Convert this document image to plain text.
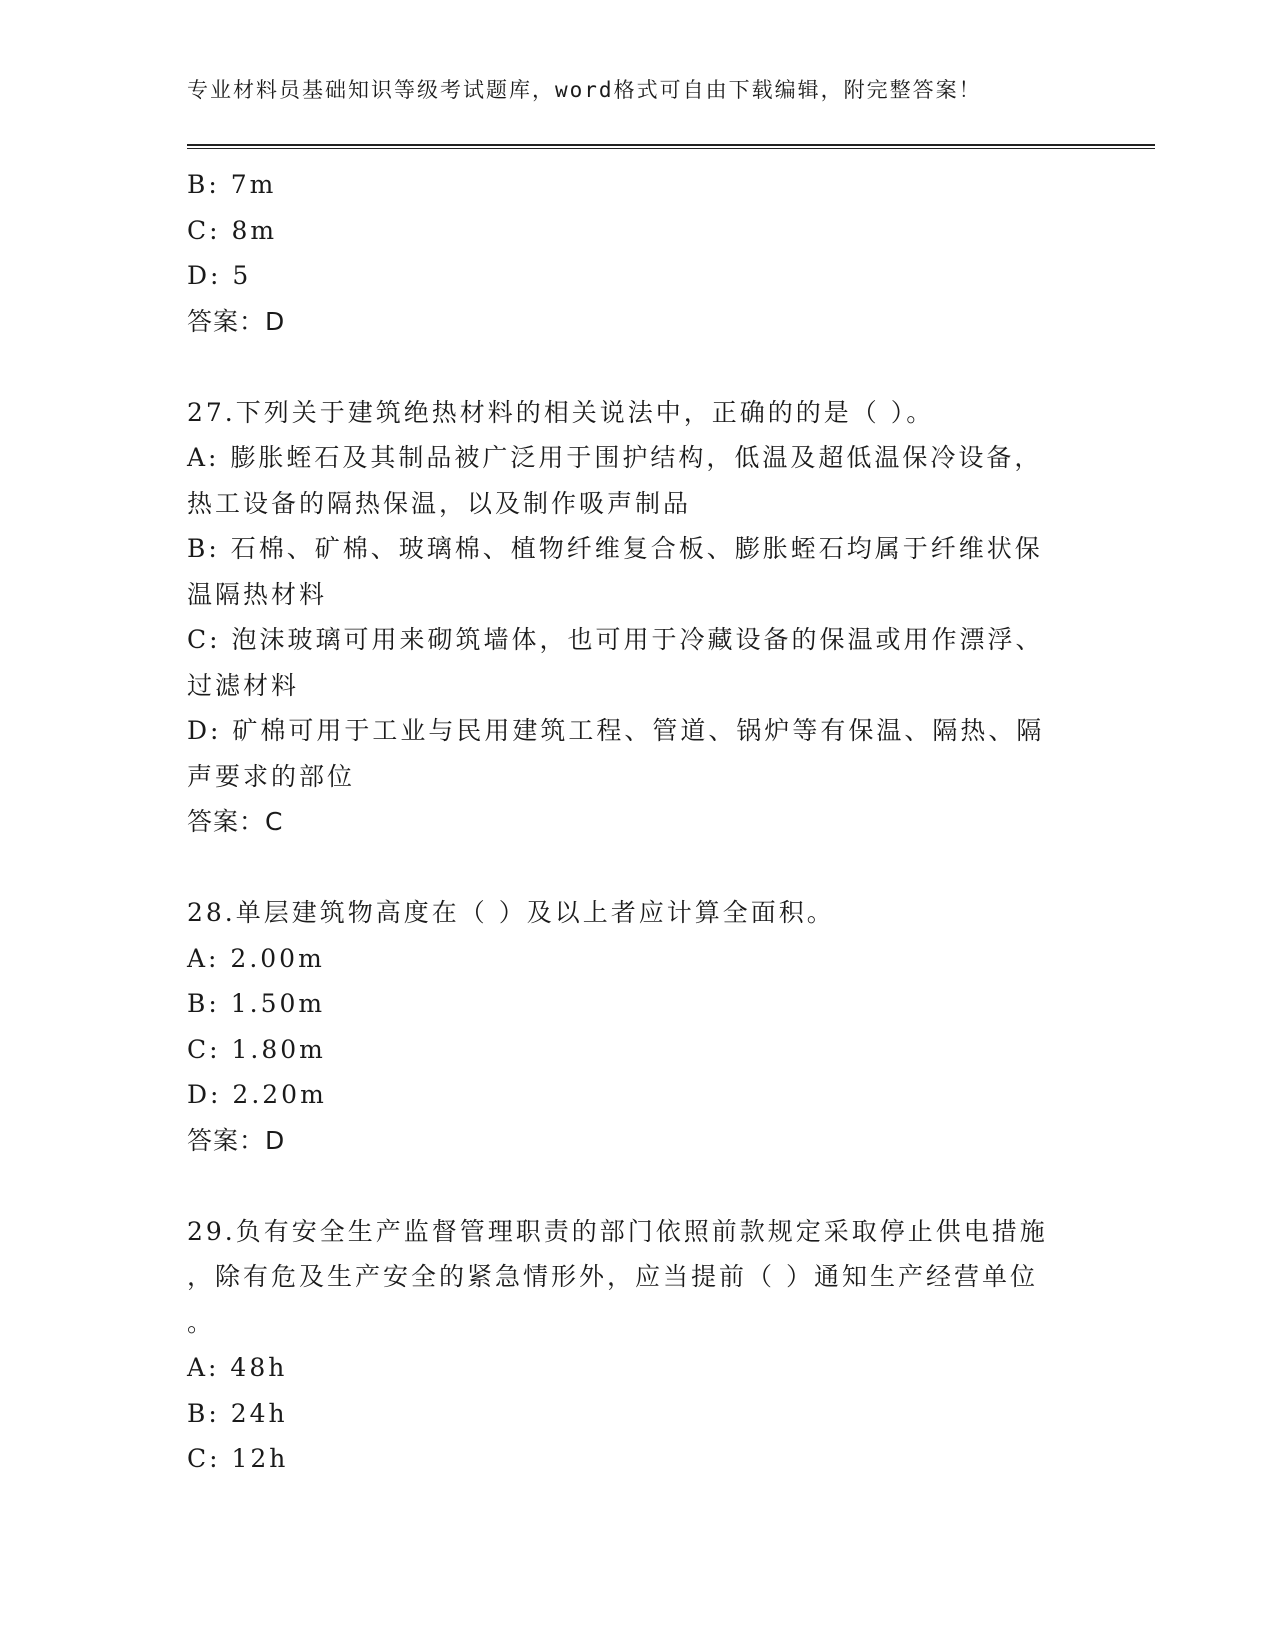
专业材料员基础知识等级考试题库，word格式可自由下载编辑，附完整答案！
B: 7m
C: 8m
D: 5
答案：D
27.下列关于建筑绝热材料的相关说法中，正确的的是（ ）。
A: 膨胀蛭石及其制品被广泛用于围护结构，低温及超低温保冷设备，
热工设备的隔热保温，以及制作吸声制品
B: 石棉、矿棉、玻璃棉、植物纤维复合板、膨胀蛭石均属于纤维状保
温隔热材料
C: 泡沫玻璃可用来砌筑墙体，也可用于冷藏设备的保温或用作漂浮、
过滤材料
D: 矿棉可用于工业与民用建筑工程、管道、锅炉等有保温、隔热、隔
声要求的部位
答案：C
28.单层建筑物高度在（ ）及以上者应计算全面积。
A: 2.00m
B: 1.50m
C: 1.80m
D: 2.20m
答案：D
29.负有安全生产监督管理职责的部门依照前款规定采取停止供电措施
，除有危及生产安全的紧急情形外，应当提前（ ）通知生产经营单位
。
A: 48h
B: 24h
C: 12h
